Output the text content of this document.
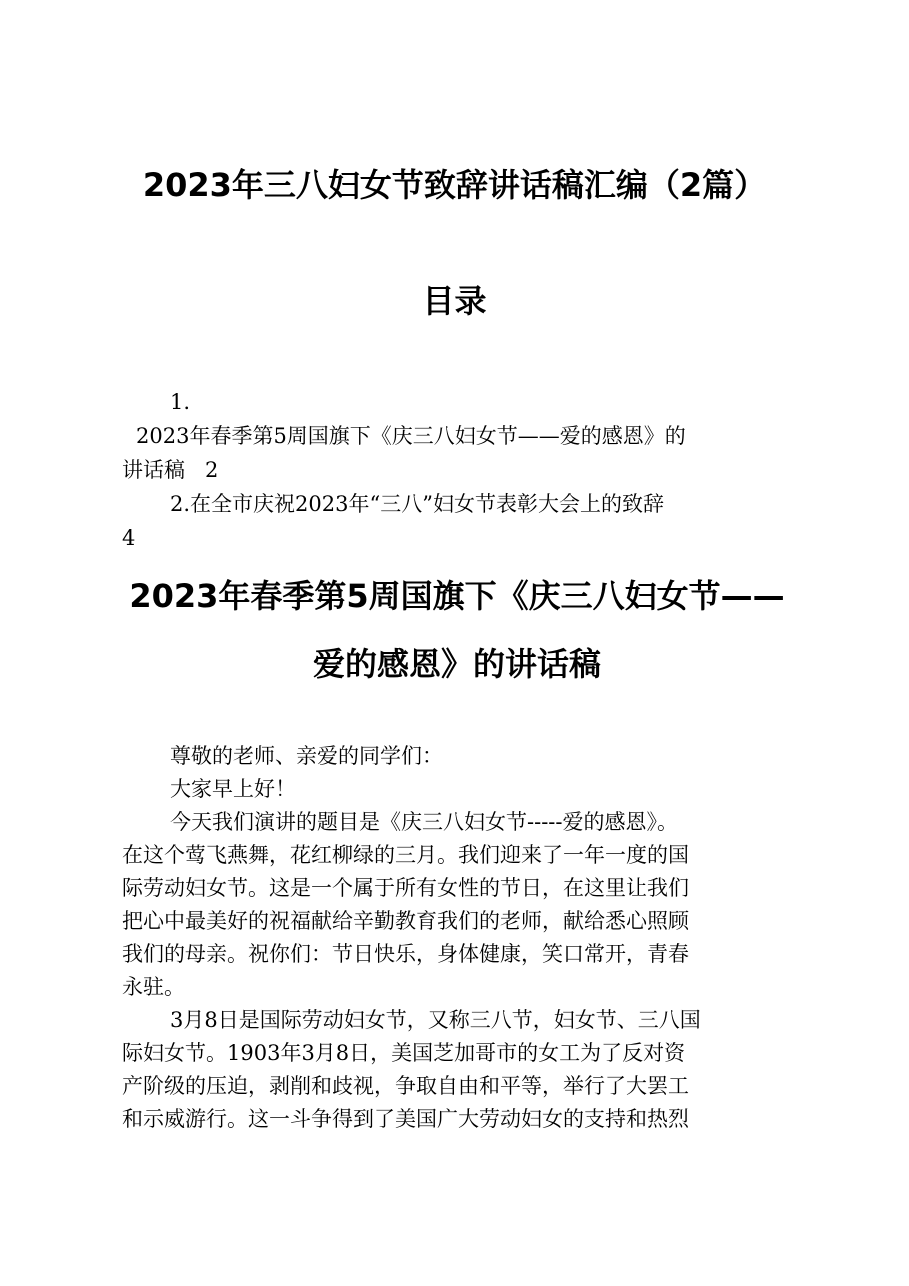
2023年三八妇女节致辞讲话稿汇编（2篇）
目录
1.
2023年春季第5周国旗下《庆三八妇女节——爱的感恩》的
讲话稿   2
2.在全市庆祝2023年“三八”妇女节表彰大会上的致辞
4
2023年春季第5周国旗下《庆三八妇女节——
爱的感恩》的讲话稿
尊敬的老师、亲爱的同学们：
大家早上好！
今天我们演讲的题目是《庆三八妇女节-----爱的感恩》。
在这个莺飞燕舞，花红柳绿的三月。我们迎来了一年一度的国
际劳动妇女节。这是一个属于所有女性的节日，在这里让我们
把心中最美好的祝福献给辛勤教育我们的老师，献给悉心照顾
我们的母亲。祝你们：节日快乐，身体健康，笑口常开，青春
永驻。
3月8日是国际劳动妇女节，又称三八节，妇女节、三八国
际妇女节。1903年3月8日，美国芝加哥市的女工为了反对资
产阶级的压迫，剥削和歧视，争取自由和平等，举行了大罢工
和示威游行。这一斗争得到了美国广大劳动妇女的支持和热烈
